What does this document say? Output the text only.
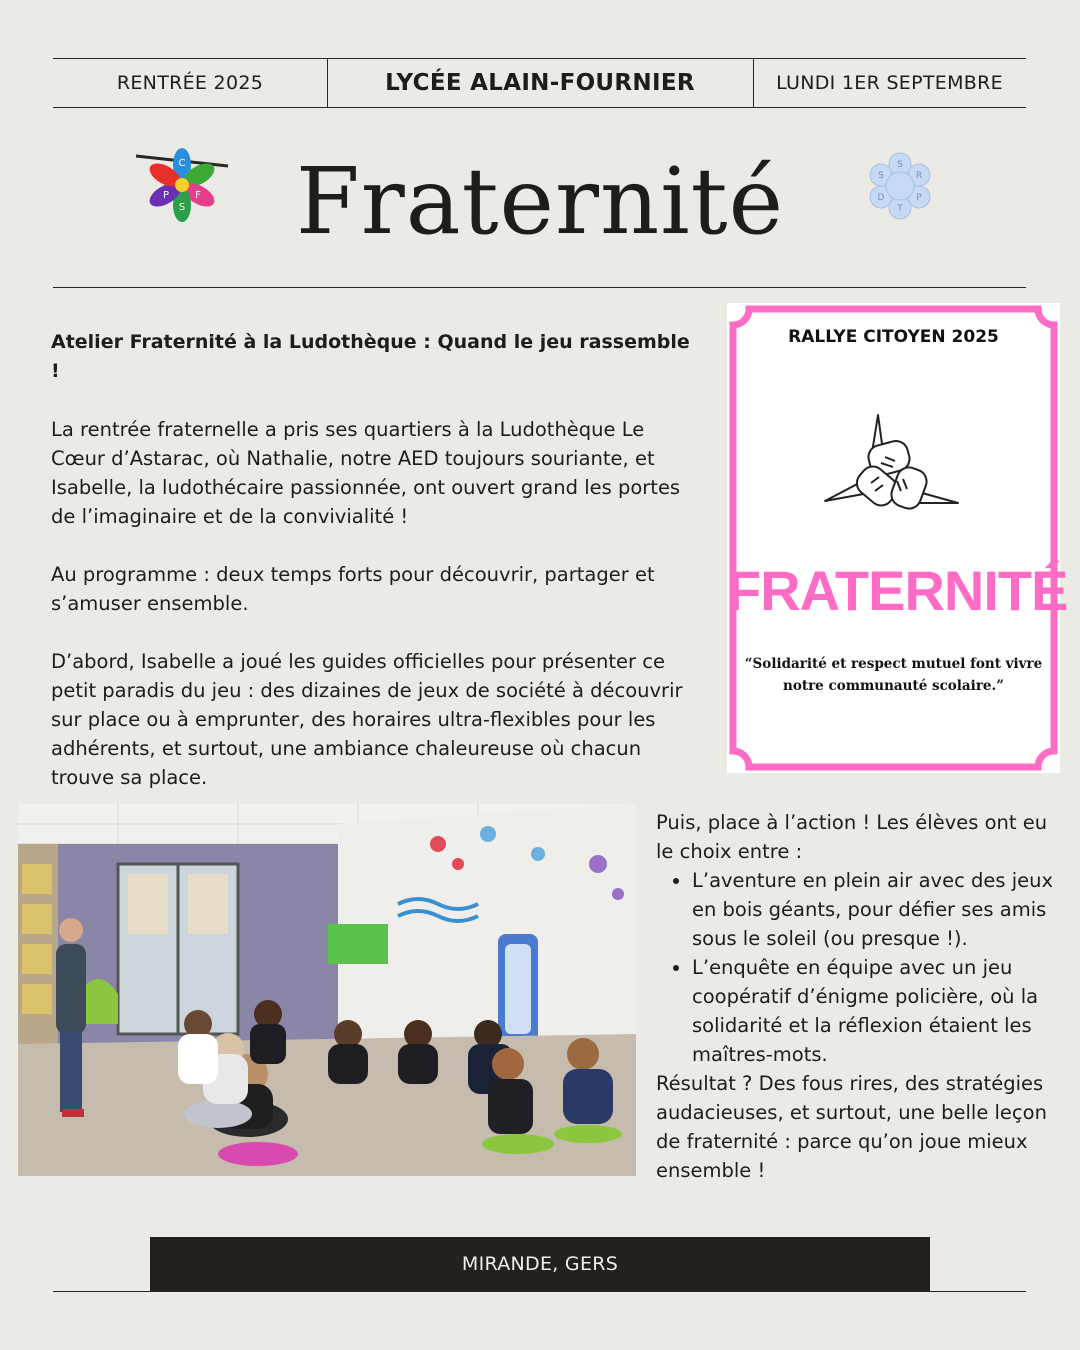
RENTRÉE 2025	LYCÉE ALAIN-FOURNIER	LUNDI 1ER SEPTEMBRE
C
F
S
P	Fraternité	S
R
P
T
D
S

Atelier Fraternité à la Ludothèque : Quand le jeu rassemble !

La rentrée fraternelle a pris ses quartiers à la Ludothèque Le Cœur d’Astarac, où Nathalie, notre AED toujours souriante, et Isabelle, la ludothécaire passionnée, ont ouvert grand les portes de l’imaginaire et de la convivialité !

Au programme : deux temps forts pour découvrir, partager et s’amuser ensemble.

D’abord, Isabelle a joué les guides officielles pour présenter ce petit paradis du jeu : des dizaines de jeux de société à découvrir sur place ou à emprunter, des horaires ultra-flexibles pour les adhérents, et surtout, une ambiance chaleureuse où chacun trouve sa place.

RALLYE CITOYEN 2025
FRATERNITÉ
“Solidarité et respect mutuel font vivre notre communauté scolaire.”

Puis, place à l’action ! Les élèves ont eu le choix entre :

• L’aventure en plein air avec des jeux en bois géants, pour défier ses amis sous le soleil (ou presque !).
• L’enquête en équipe avec un jeu coopératif d’énigme policière, où la solidarité et la réflexion étaient les maîtres-mots.

Résultat ? Des fous rires, des stratégies audacieuses, et surtout, une belle leçon de fraternité : parce qu’on joue mieux ensemble !

MIRANDE, GERS
